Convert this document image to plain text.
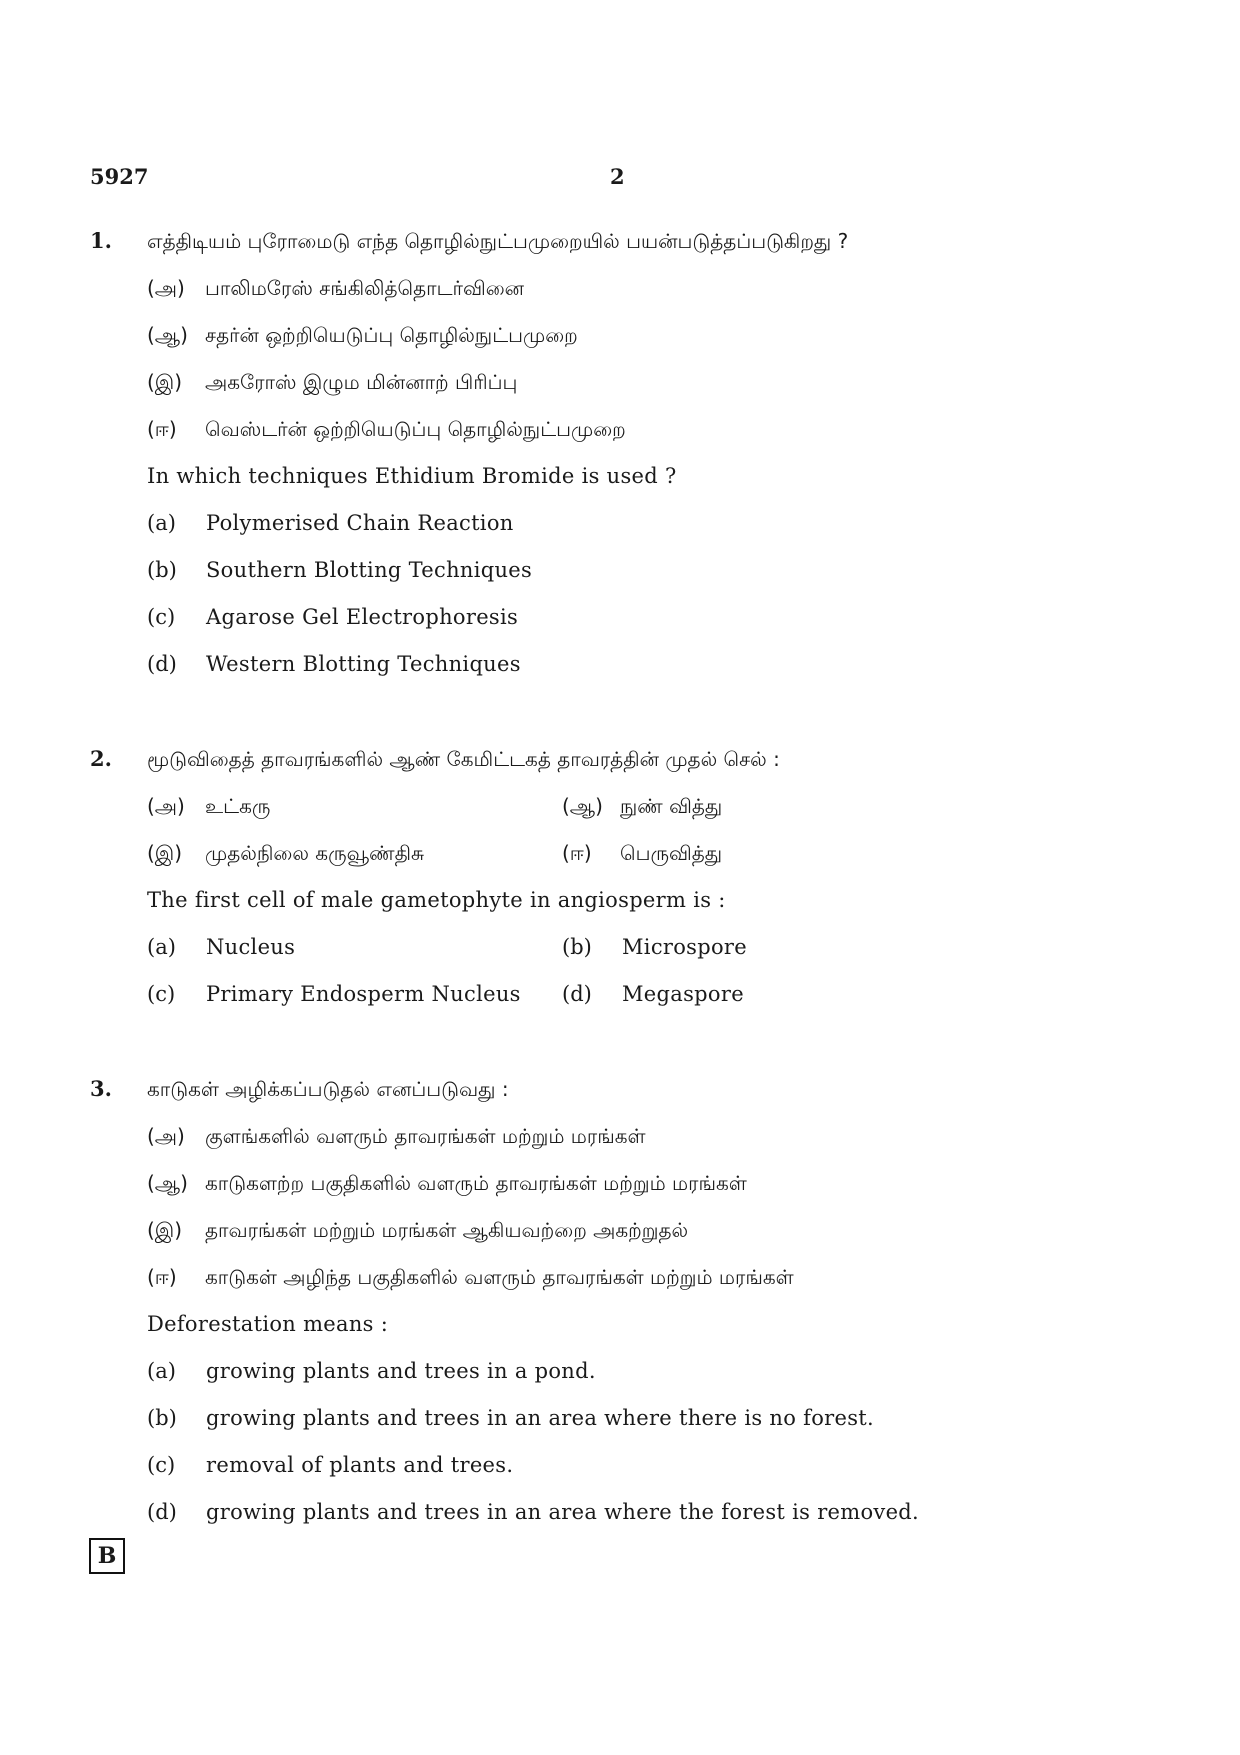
5927	2
1. எத்திடியம் புரோமைடு எந்த தொழில்நுட்பமுறையில் பயன்படுத்தப்படுகிறது ?
(அ) பாலிமரேஸ் சங்கிலித்தொடர்வினை
(ஆ) சதர்ன் ஒற்றியெடுப்பு தொழில்நுட்பமுறை
(இ) அகரோஸ் இழும மின்னாற் பிரிப்பு
(ஈ) வெஸ்டர்ன் ஒற்றியெடுப்பு தொழில்நுட்பமுறை
In which techniques Ethidium Bromide is used ?
(a) Polymerised Chain Reaction
(b) Southern Blotting Techniques
(c) Agarose Gel Electrophoresis
(d) Western Blotting Techniques
2. மூடுவிதைத் தாவரங்களில் ஆண் கேமிட்டகத் தாவரத்தின் முதல் செல் :
(அ) உட்கரு	(ஆ) நுண் வித்து
(இ) முதல்நிலை கருவூண்திசு	(ஈ) பெருவித்து
The first cell of male gametophyte in angiosperm is :
(a) Nucleus	(b) Microspore
(c) Primary Endosperm Nucleus (d) Megaspore
3. காடுகள் அழிக்கப்படுதல் எனப்படுவது :
(அ) குளங்களில் வளரும் தாவரங்கள் மற்றும் மரங்கள்
(ஆ) காடுகளற்ற பகுதிகளில் வளரும் தாவரங்கள் மற்றும் மரங்கள்
(இ) தாவரங்கள் மற்றும் மரங்கள் ஆகியவற்றை அகற்றுதல்
(ஈ) காடுகள் அழிந்த பகுதிகளில் வளரும் தாவரங்கள் மற்றும் மரங்கள்
Deforestation means :
(a) growing plants and trees in a pond.
(b) growing plants and trees in an area where there is no forest.
(c) removal of plants and trees.
(d) growing plants and trees in an area where the forest is removed.
B
